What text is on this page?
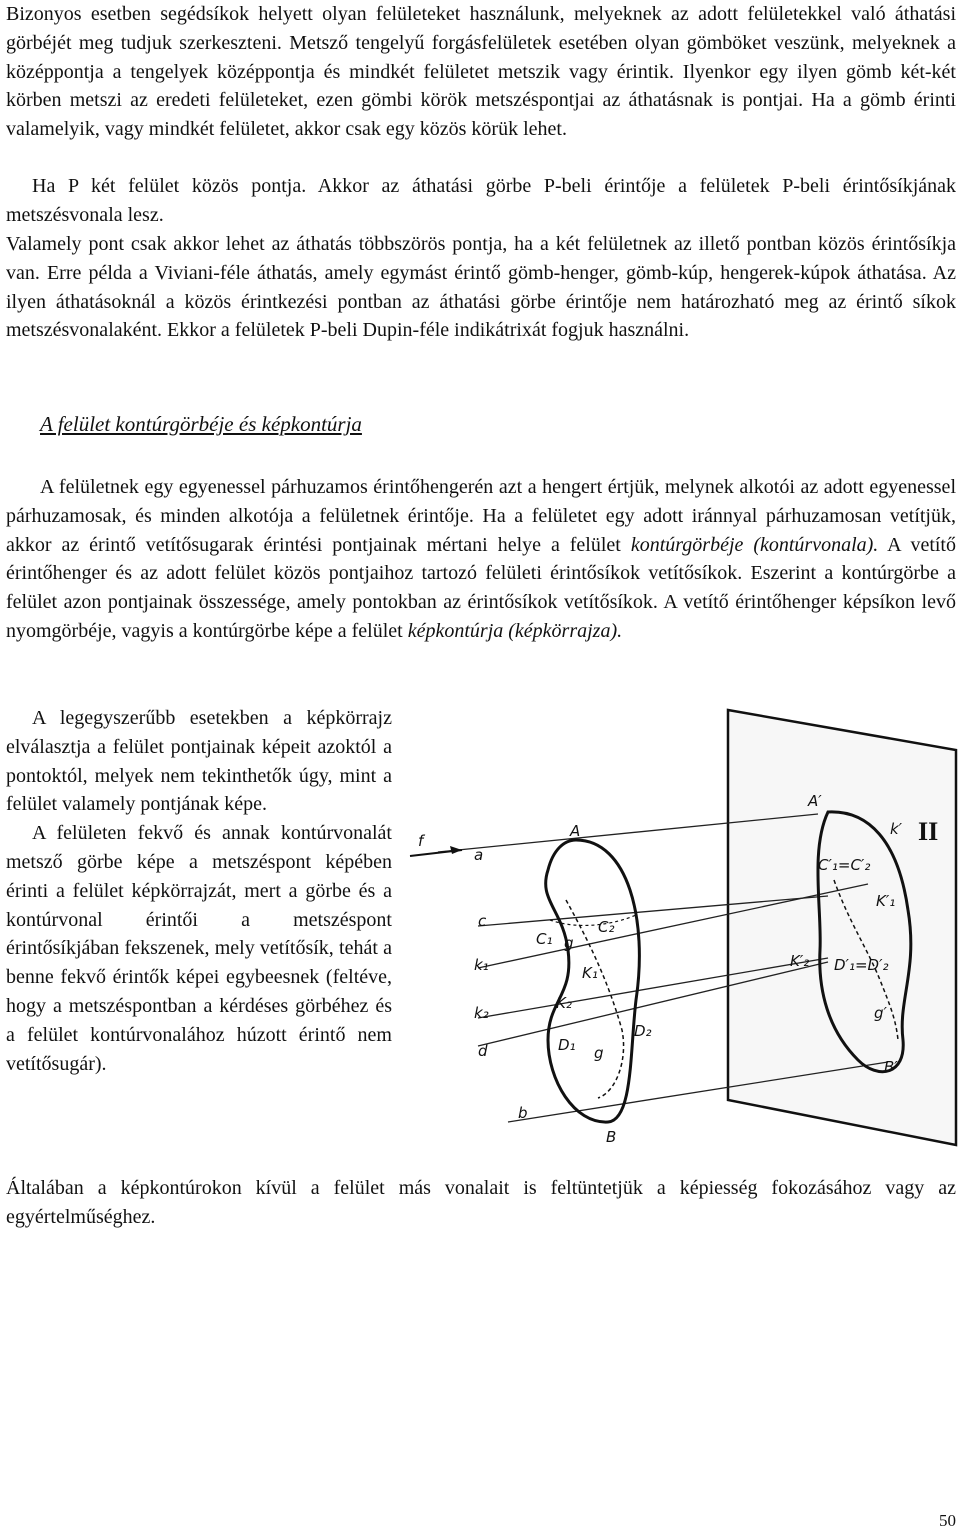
Bizonyos esetben segédsíkok helyett olyan felületeket használunk, melyeknek az adott felületekkel való áthatási görbéjét meg tudjuk szerkeszteni. Metsző tengelyű forgásfelületek esetében olyan gömböket veszünk, melyeknek a középpontja a tengelyek középpontja és mindkét felületet metszik vagy érintik. Ilyenkor egy ilyen gömb két-két körben metszi az eredeti felületeket, ezen gömbi körök metszéspontjai az áthatásnak is pontjai. Ha a gömb érinti valamelyik, vagy mindkét felületet, akkor csak egy közös körük lehet.

Ha P két felület közös pontja. Akkor az áthatási görbe P-beli érintője a felületek P-beli érintősíkjának metszésvonala lesz.

Valamely pont csak akkor lehet az áthatás többszörös pontja, ha a két felületnek az illető pontban közös érintősíkja van. Erre példa a Viviani-féle áthatás, amely egymást érintő gömb-henger, gömb-kúp, hengerek-kúpok áthatása. Az ilyen áthatásoknál a közös érintkezési pontban az áthatási görbe érintője nem határozható meg az érintő síkok metszésvonalaként. Ekkor a felületek P-beli Dupin-féle indikátrixát fogjuk használni.

A felület kontúrgörbéje és képkontúrja

A felületnek egy egyenessel párhuzamos érintőhengerén azt a hengert értjük, melynek alkotói az adott egyenessel párhuzamosak, és minden alkotója a felületnek érintője. Ha a felületet egy adott iránnyal párhuzamosan vetítjük, akkor az érintő vetítősugarak érintési pontjainak mértani helye a felület kontúrgörbéje (kontúrvonala). A vetítő érintőhenger és az adott felület közös pontjaihoz tartozó felületi érintősíkok vetítősíkok. Eszerint a kontúrgörbe a felület azon pontjainak összessége, amely pontokban az érintősíkok vetítősíkok. A vetítő érintőhenger képsíkon levő nyomgörbéje, vagyis a kontúrgörbe képe a felület képkontúrja (képkörrajza).

A legegyszerűbb esetekben a képkörrajz elválasztja a felület pontjainak képeit azoktól a pontoktól, melyek nem tekinthetők úgy, mint a felület valamely pontjának képe.

A felületen fekvő és annak kontúrvonalát metsző görbe képe a metszéspont képében érinti a felület képkörrajzát, mert a görbe és a kontúrvonal érintői a metszéspont érintősíkjában fekszenek, mely vetítősík, tehát a benne fekvő érintők képei egybeesnek (feltéve, hogy a metszéspontban a kérdéses görbéhez és a felület kontúrvonalához húzott érintő nem vetítősugár).

Általában a képkontúrokon kívül a felület más vonalait is feltüntetjük a képiesség fokozásához vagy az egyértelműséghez.

II
f
a
c
k₁
k₂
d
b
A
C₁ g
C₂
K₁
K₂
D₂
D₁ g
B
A′
k′
C′₁=C′₂
K′₁
K′₂ D′₁=D′₂
g′
B′
50
